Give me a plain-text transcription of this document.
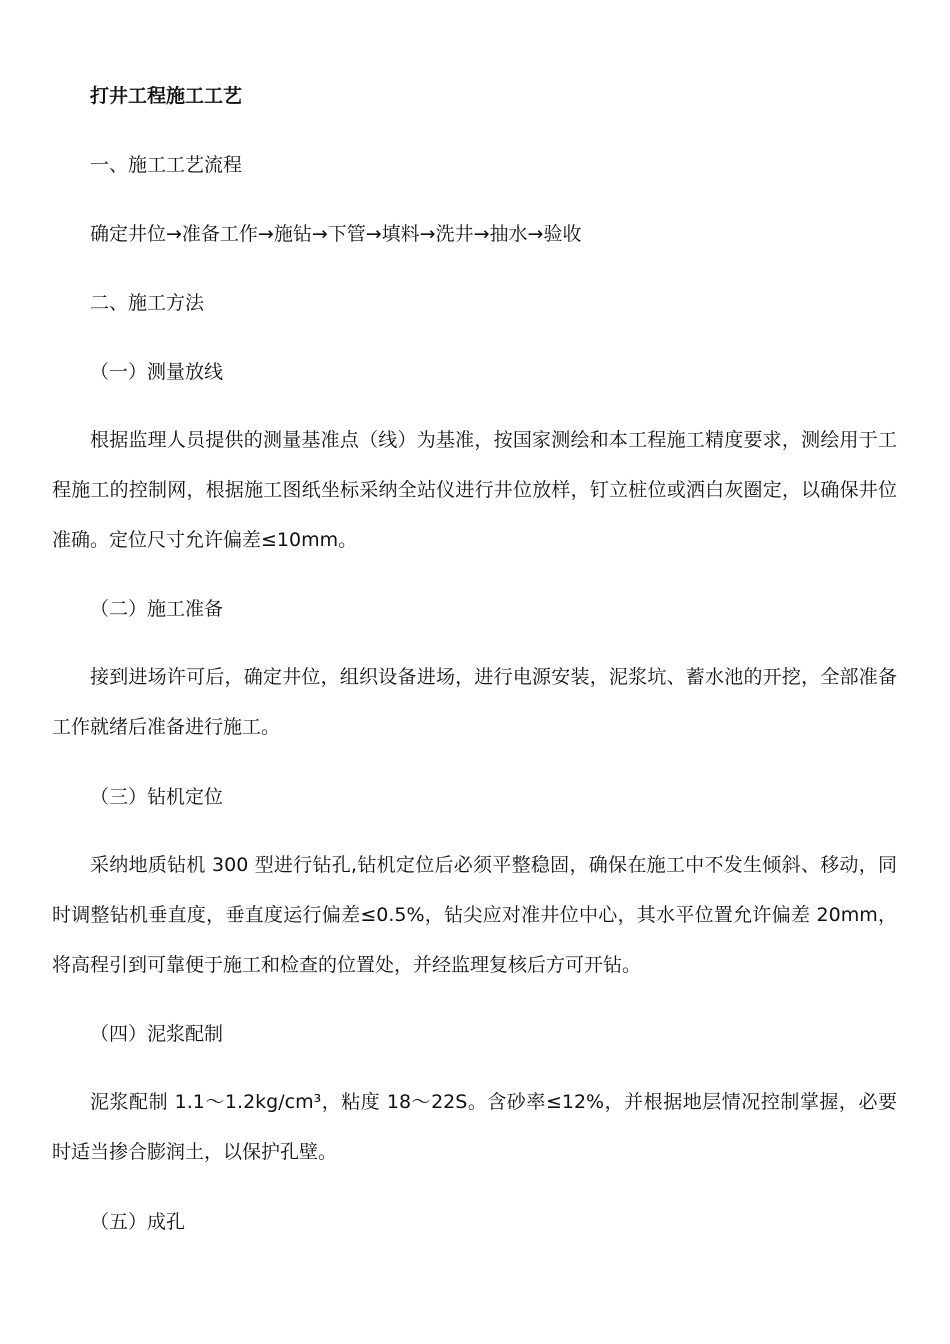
打井工程施工工艺
一、施工工艺流程
确定井位→准备工作→施钻→下管→填料→洗井→抽水→验收
二、施工方法
（一）测量放线
根据监理人员提供的测量基准点（线）为基准，按国家测绘和本工程施工精度要求，测绘用于工程施工的控制网，根据施工图纸坐标采纳全站仪进行井位放样，钉立桩位或洒白灰圈定，以确保井位准确。定位尺寸允许偏差≤10mm。
（二）施工准备
接到进场许可后，确定井位，组织设备进场，进行电源安装，泥浆坑、蓄水池的开挖，全部准备工作就绪后准备进行施工。
（三）钻机定位
采纳地质钻机 300 型进行钻孔,钻机定位后必须平整稳固，确保在施工中不发生倾斜、移动，同时调整钻机垂直度，垂直度运行偏差≤0.5%，钻尖应对准井位中心，其水平位置允许偏差 20mm，将高程引到可靠便于施工和检查的位置处，并经监理复核后方可开钻。
（四）泥浆配制
泥浆配制 1.1～1.2kg/cm³，粘度 18～22S。含砂率≤12%，并根据地层情况控制掌握，必要时适当掺合膨润土，以保护孔壁。
（五）成孔
